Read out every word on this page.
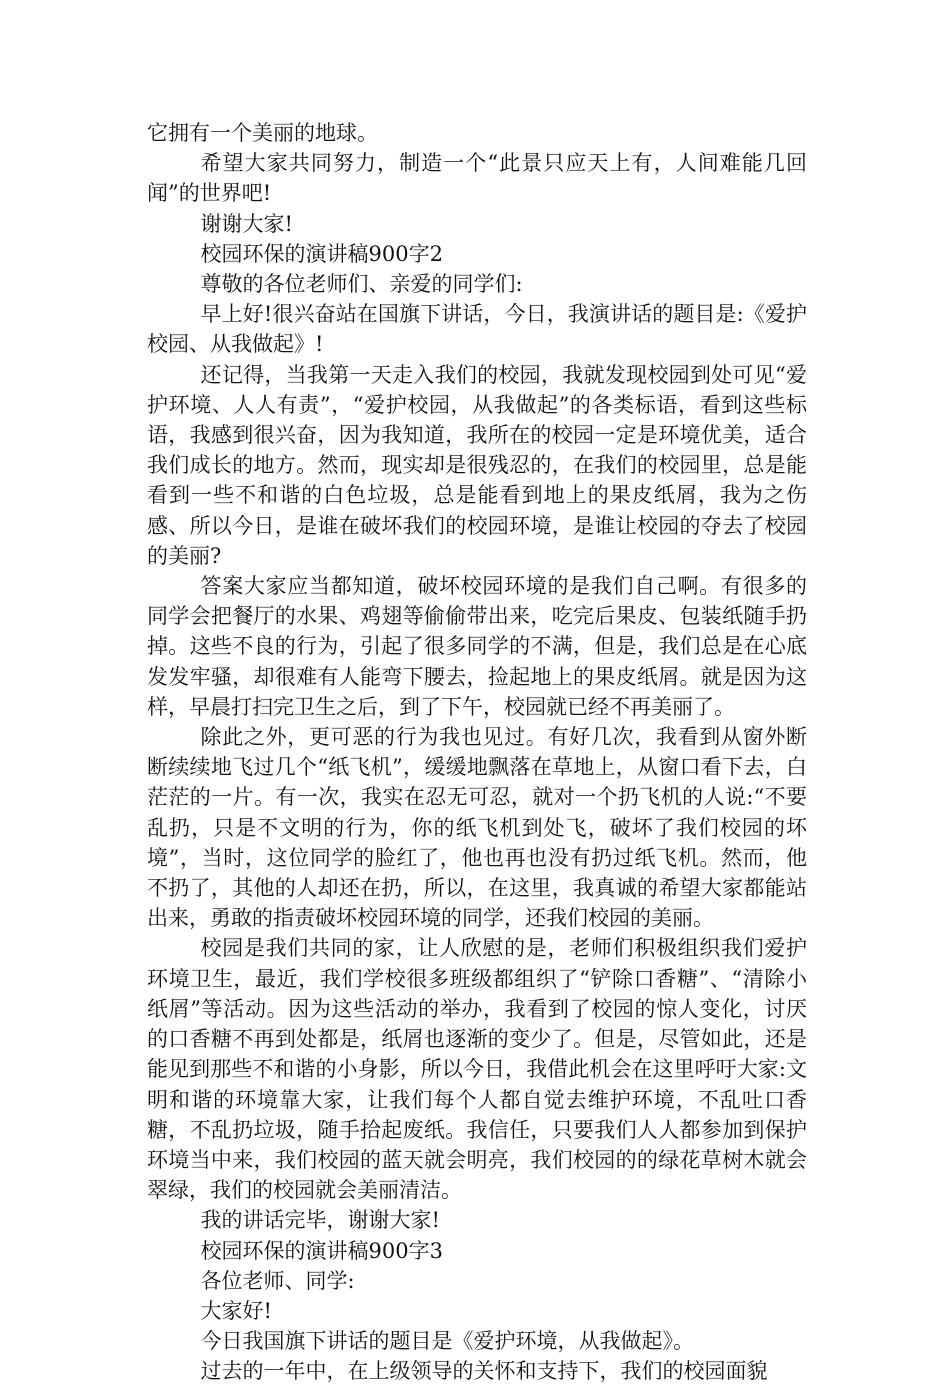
它拥有一个美丽的地球。

希望大家共同努力，制造一个“此景只应天上有，人间难能几回闻”的世界吧!

谢谢大家!

校园环保的演讲稿900字2

尊敬的各位老师们、亲爱的同学们:

早上好!很兴奋站在国旗下讲话，今日，我演讲话的题目是:《爱护校园、从我做起》!

还记得，当我第一天走入我们的校园，我就发现校园到处可见“爱护环境、人人有责”，“爱护校园，从我做起”的各类标语，看到这些标语，我感到很兴奋，因为我知道，我所在的校园一定是环境优美，适合我们成长的地方。然而，现实却是很残忍的，在我们的校园里，总是能看到一些不和谐的白色垃圾，总是能看到地上的果皮纸屑，我为之伤感、所以今日，是谁在破坏我们的校园环境，是谁让校园的夺去了校园的美丽?

答案大家应当都知道，破坏校园环境的是我们自己啊。有很多的同学会把餐厅的水果、鸡翅等偷偷带出来，吃完后果皮、包装纸随手扔掉。这些不良的行为，引起了很多同学的不满，但是，我们总是在心底发发牢骚，却很难有人能弯下腰去，捡起地上的果皮纸屑。就是因为这样，早晨打扫完卫生之后，到了下午，校园就已经不再美丽了。

除此之外，更可恶的行为我也见过。有好几次，我看到从窗外断断续续地飞过几个“纸飞机”，缓缓地飘落在草地上，从窗口看下去，白茫茫的一片。有一次，我实在忍无可忍，就对一个扔飞机的人说:“不要乱扔，只是不文明的行为，你的纸飞机到处飞，破坏了我们校园的坏境”，当时，这位同学的脸红了，他也再也没有扔过纸飞机。然而，他不扔了，其他的人却还在扔，所以，在这里，我真诚的希望大家都能站出来，勇敢的指责破坏校园环境的同学，还我们校园的美丽。

校园是我们共同的家，让人欣慰的是，老师们积极组织我们爱护环境卫生，最近，我们学校很多班级都组织了“铲除口香糖”、“清除小纸屑”等活动。因为这些活动的举办，我看到了校园的惊人变化，讨厌的口香糖不再到处都是，纸屑也逐渐的变少了。但是，尽管如此，还是能见到那些不和谐的小身影，所以今日，我借此机会在这里呼吁大家:文明和谐的环境靠大家，让我们每个人都自觉去维护环境，不乱吐口香糖，不乱扔垃圾，随手拾起废纸。我信任，只要我们人人都参加到保护环境当中来，我们校园的蓝天就会明亮，我们校园的的绿花草树木就会翠绿，我们的校园就会美丽清洁。

我的讲话完毕，谢谢大家!

校园环保的演讲稿900字3

各位老师、同学:

大家好!

今日我国旗下讲话的题目是《爱护环境，从我做起》。

过去的一年中，在上级领导的关怀和支持下，我们的校园面貌
